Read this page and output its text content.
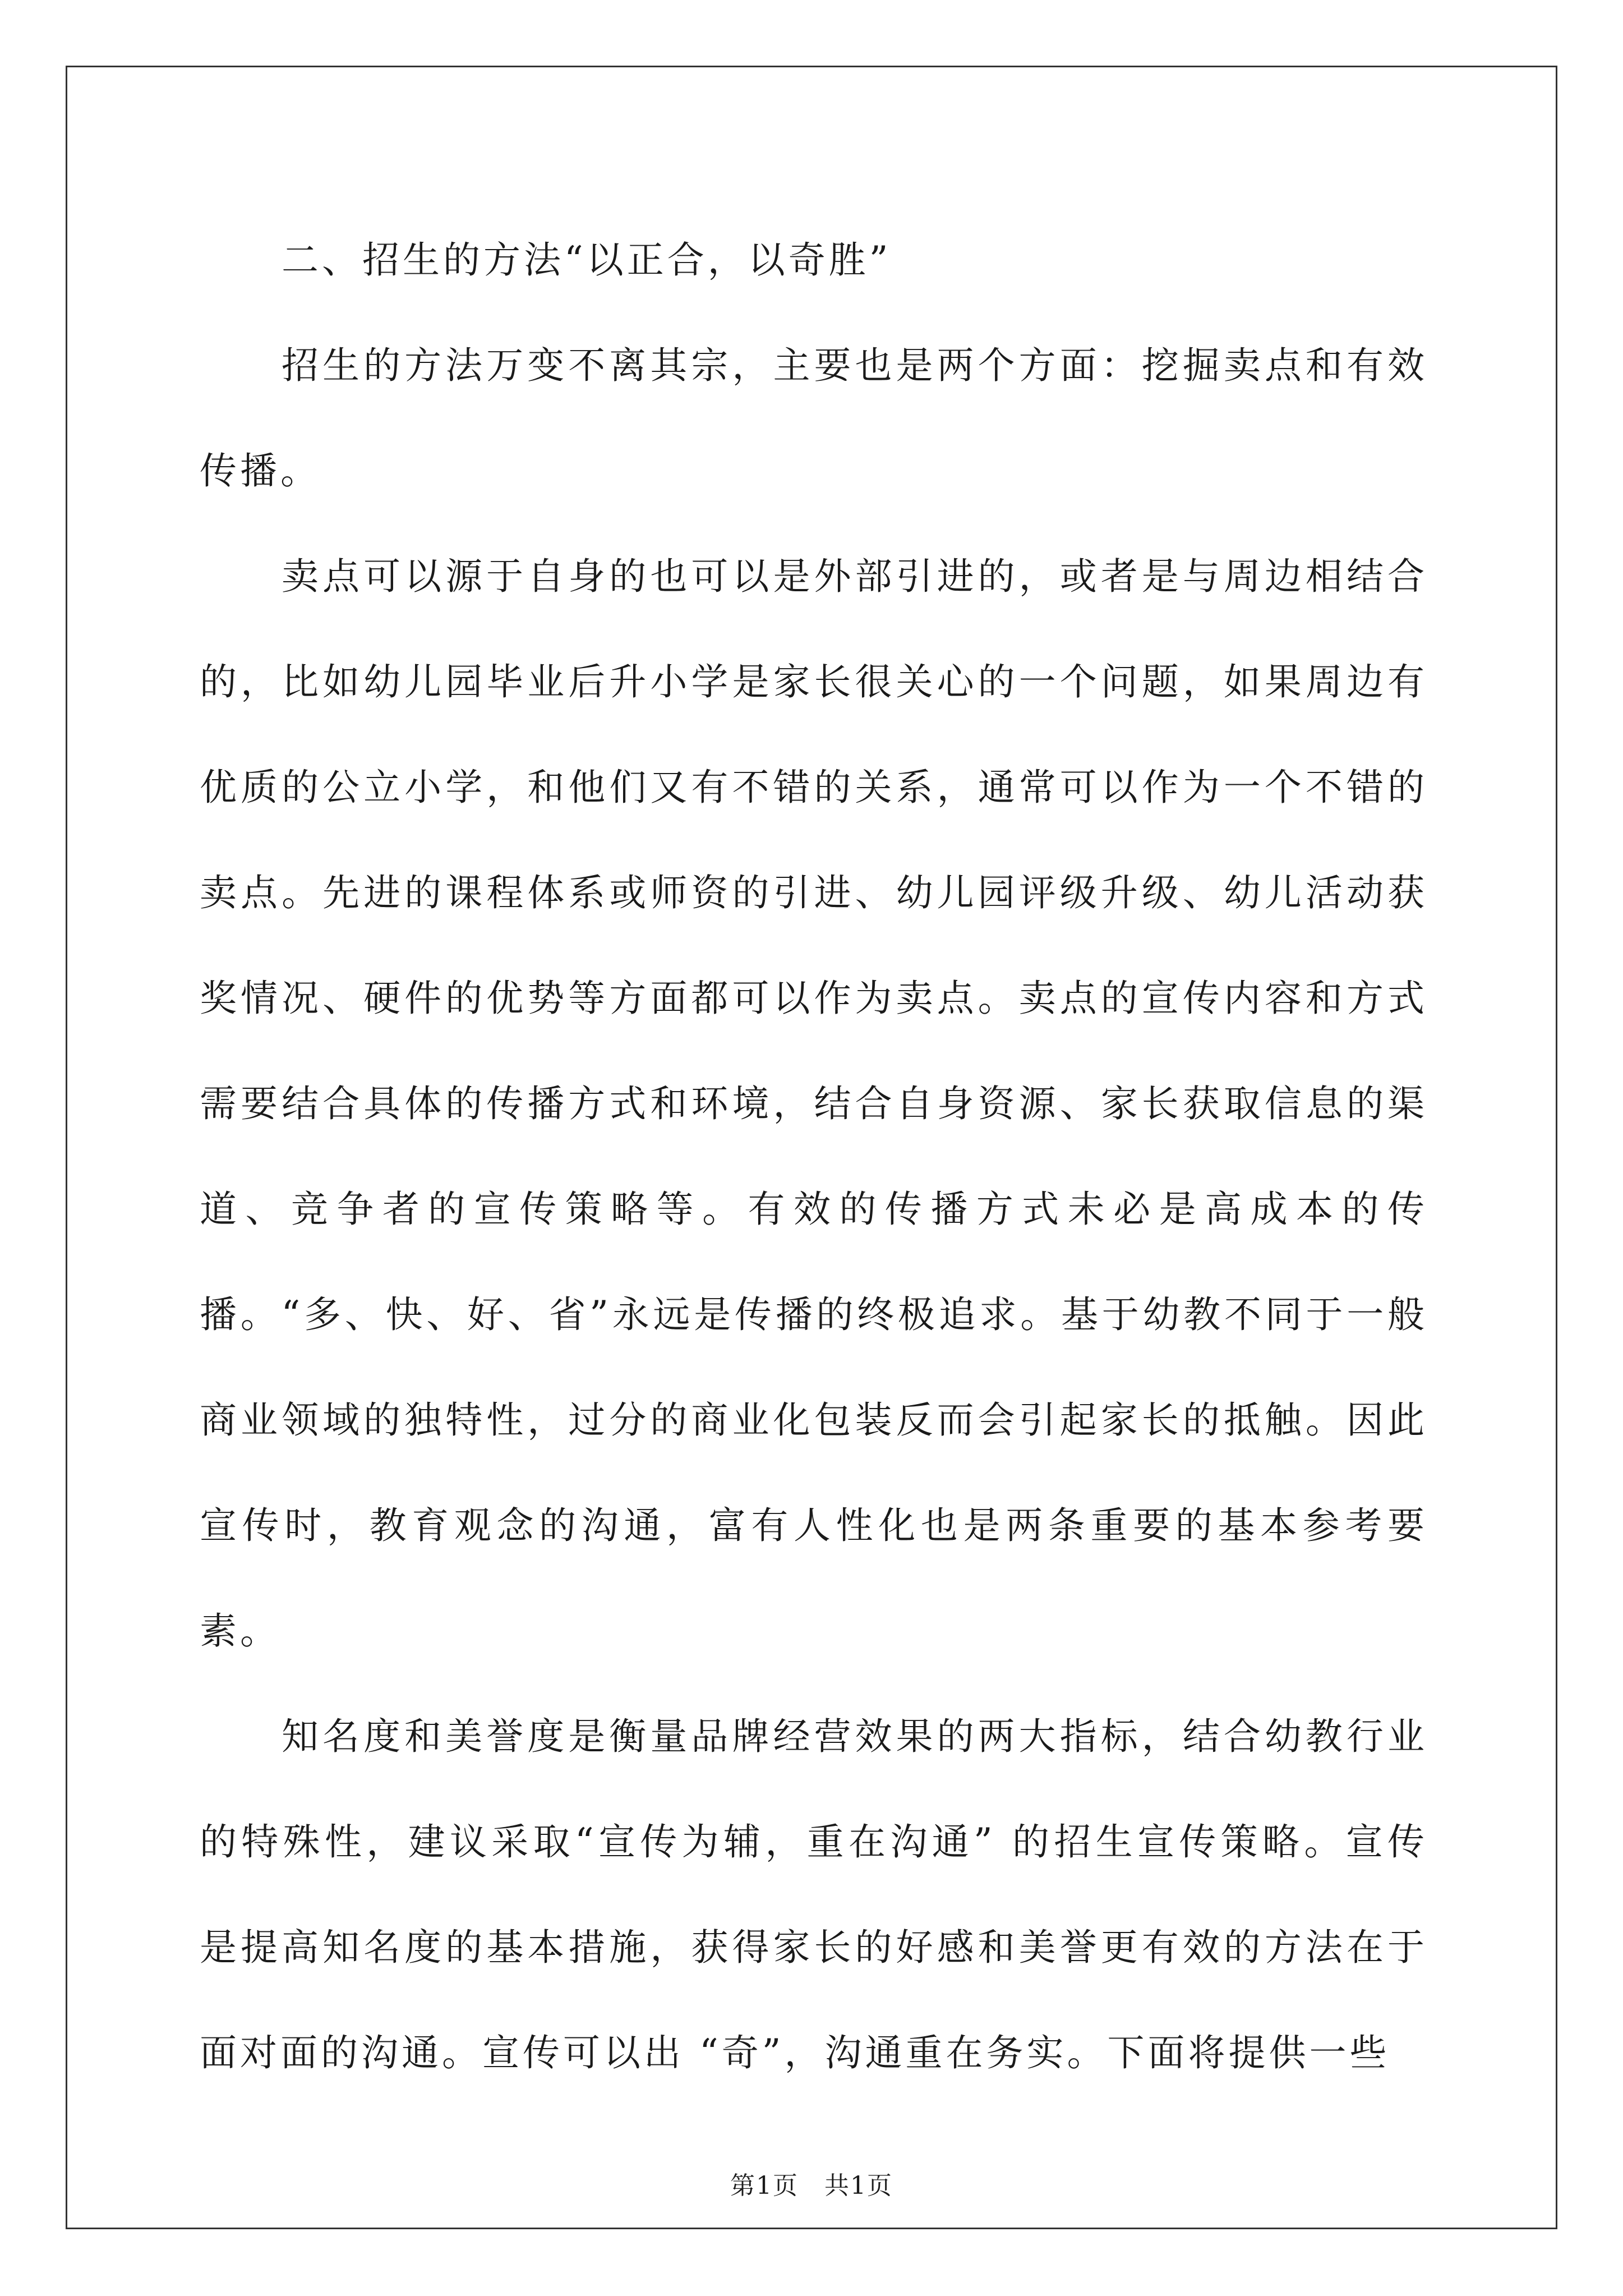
二、招生的方法“以正合，以奇胜”

招生的方法万变不离其宗，主要也是两个方面：挖掘卖点和有效传播。

卖点可以源于自身的也可以是外部引进的，或者是与周边相结合的，比如幼儿园毕业后升小学是家长很关心的一个问题，如果周边有优质的公立小学，和他们又有不错的关系，通常可以作为一个不错的卖点。先进的课程体系或师资的引进、幼儿园评级升级、幼儿活动获奖情况、硬件的优势等方面都可以作为卖点。卖点的宣传内容和方式需要结合具体的传播方式和环境，结合自身资源、家长获取信息的渠道、竞争者的宣传策略等。有效的传播方式未必是高成本的传播。“多、快、好、省”永远是传播的终极追求。基于幼教不同于一般商业领域的独特性，过分的商业化包装反而会引起家长的抵触。因此宣传时，教育观念的沟通，富有人性化也是两条重要的基本参考要素。

知名度和美誉度是衡量品牌经营效果的两大指标，结合幼教行业的特殊性，建议采取“宣传为辅，重在沟通” 的招生宣传策略。宣传是提高知名度的基本措施，获得家长的好感和美誉更有效的方法在于面对面的沟通。宣传可以出 “奇”，沟通重在务实。下面将提供一些

第1页 共1页
